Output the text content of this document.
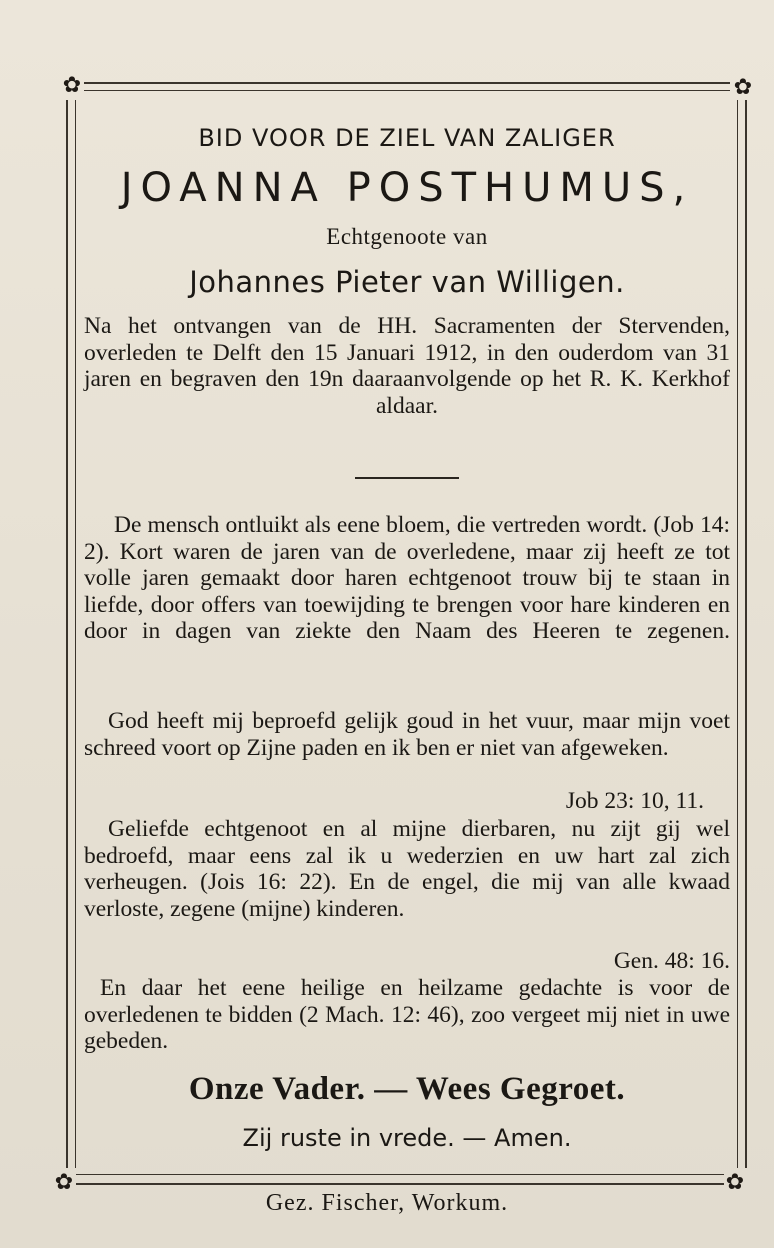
✿	✿
✿	✿
BID VOOR DE ZIEL VAN ZALIGER
JOANNA POSTHUMUS,
Echtgenoote van
Johannes Pieter van Willigen.
Na het ontvangen van de HH. Sacramenten der Stervenden, overleden te Delft den 15 Januari 1912, in den ouderdom van 31 jaren en begraven den 19n daaraanvolgende op het R. K. Kerkhof aldaar.
De mensch ontluikt als eene bloem, die vertreden wordt. (Job 14: 2). Kort waren de jaren van de overledene, maar zij heeft ze tot volle jaren gemaakt door haren echtgenoot trouw bij te staan in liefde, door offers van toewijding te brengen voor hare kinderen en door in dagen van ziekte den Naam des Heeren te zegenen.
God heeft mij beproefd gelijk goud in het vuur, maar mijn voet schreed voort op Zijne paden en ik ben er niet van afgeweken.
Job 23: 10, 11.
Geliefde echtgenoot en al mijne dierbaren, nu zijt gij wel bedroefd, maar eens zal ik u wederzien en uw hart zal zich verheugen. (Jois 16: 22). En de engel, die mij van alle kwaad verloste, zegene (mijne) kinderen.
Gen. 48: 16.
En daar het eene heilige en heilzame gedachte is voor de overledenen te bidden (2 Mach. 12: 46), zoo vergeet mij niet in uwe gebeden.
Onze Vader. — Wees Gegroet.
Zij ruste in vrede. — Amen.
Gez. Fischer, Workum.
